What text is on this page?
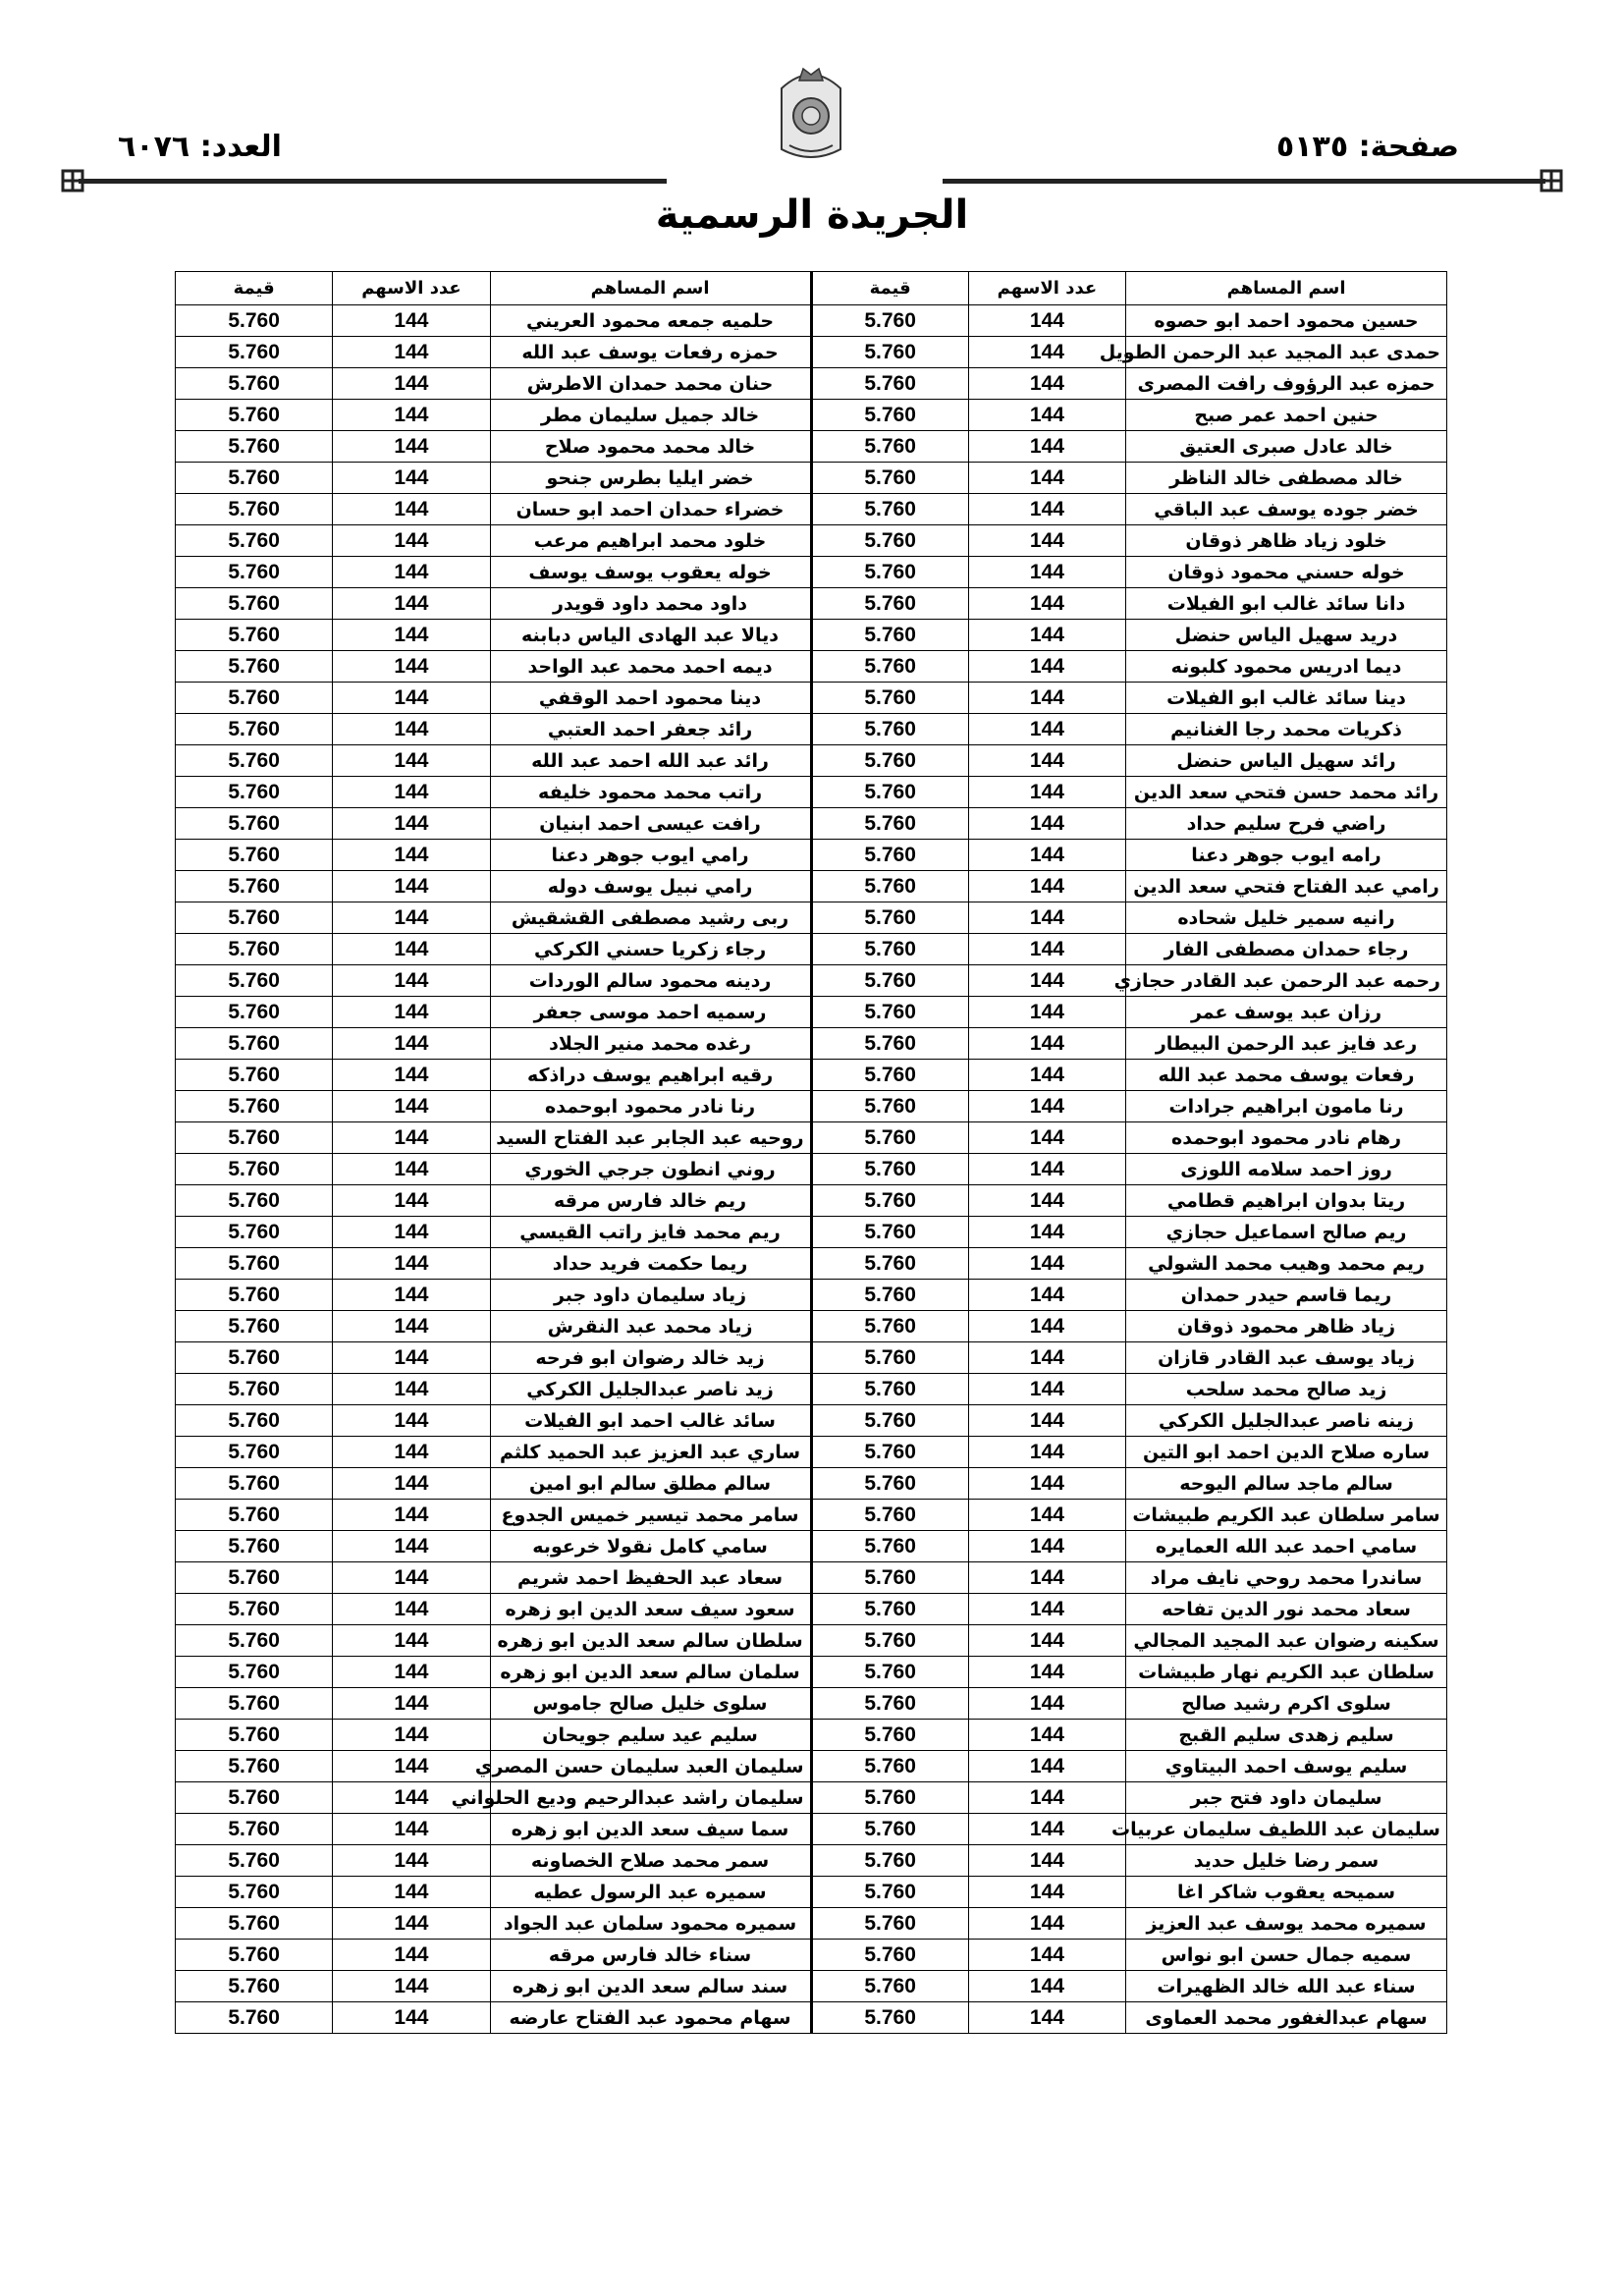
صفحة: ٥١٣٥
العدد: ٦٠٧٦
الجريدة الرسمية
اسم المساهم	عدد الاسهم	قيمة	اسم المساهم	عدد الاسهم	قيمة
حسين محمود احمد ابو حصوه	144	5.760	حلميه جمعه محمود العريني	144	5.760
حمدى عبد المجيد عبد الرحمن الطويل	144	5.760	حمزه رفعات يوسف عبد الله	144	5.760
حمزه عبد الرؤوف رافت المصرى	144	5.760	حنان محمد حمدان الاطرش	144	5.760
حنين احمد عمر صبح	144	5.760	خالد جميل سليمان مطر	144	5.760
خالد عادل صبرى العتيق	144	5.760	خالد محمد محمود صلاح	144	5.760
خالد مصطفى خالد الناظر	144	5.760	خضر ايليا بطرس جنحو	144	5.760
خضر جوده يوسف عبد الباقي	144	5.760	خضراء حمدان احمد ابو حسان	144	5.760
خلود زياد ظاهر ذوقان	144	5.760	خلود محمد ابراهيم مرعب	144	5.760
خوله حسني محمود ذوقان	144	5.760	خوله يعقوب يوسف يوسف	144	5.760
دانا سائد غالب ابو الفيلات	144	5.760	داود محمد داود قويدر	144	5.760
دريد سهيل الياس حنضل	144	5.760	ديالا عبد الهادى الياس دبابنه	144	5.760
ديما ادريس محمود كلبونه	144	5.760	ديمه احمد محمد عبد الواحد	144	5.760
دينا سائد غالب ابو الفيلات	144	5.760	دينا محمود احمد الوقفي	144	5.760
ذكريات محمد رجا الغنانيم	144	5.760	رائد جعفر احمد العتبي	144	5.760
رائد سهيل الياس حنضل	144	5.760	رائد عبد الله احمد عبد الله	144	5.760
رائد محمد حسن فتحي سعد الدين	144	5.760	راتب محمد محمود خليفه	144	5.760
راضي فرح سليم حداد	144	5.760	رافت عيسى احمد ابنيان	144	5.760
رامه ايوب جوهر دعنا	144	5.760	رامي ايوب جوهر دعنا	144	5.760
رامي عبد الفتاح فتحي سعد الدين	144	5.760	رامي نبيل يوسف دوله	144	5.760
رانيه سمير خليل شحاده	144	5.760	ربى رشيد مصطفى القشقيش	144	5.760
رجاء حمدان مصطفى الفار	144	5.760	رجاء زكريا حسني الكركي	144	5.760
رحمه عبد الرحمن عبد القادر حجازي	144	5.760	ردينه محمود سالم الوردات	144	5.760
رزان عبد يوسف عمر	144	5.760	رسميه احمد موسى جعفر	144	5.760
رعد فايز عبد الرحمن البيطار	144	5.760	رغده محمد منير الجلاد	144	5.760
رفعات يوسف محمد عبد الله	144	5.760	رقيه ابراهيم يوسف دراذكه	144	5.760
رنا مامون ابراهيم جرادات	144	5.760	رنا نادر محمود ابوحمده	144	5.760
رهام نادر محمود ابوحمده	144	5.760	روحيه عبد الجابر عبد الفتاح السيد	144	5.760
روز احمد سلامه اللوزى	144	5.760	روني انطون جرجي الخوري	144	5.760
ريتا بدوان ابراهيم قطامي	144	5.760	ريم خالد فارس مرقه	144	5.760
ريم صالح اسماعيل حجازي	144	5.760	ريم محمد فايز راتب القيسي	144	5.760
ريم محمد وهيب محمد الشولي	144	5.760	ريما حكمت فريد حداد	144	5.760
ريما قاسم حيدر حمدان	144	5.760	زياد سليمان داود جبر	144	5.760
زياد ظاهر محمود ذوقان	144	5.760	زياد محمد عبد النقرش	144	5.760
زياد يوسف عبد القادر قازان	144	5.760	زيد خالد رضوان ابو فرحه	144	5.760
زيد صالح محمد سلحب	144	5.760	زيد ناصر عبدالجليل الكركي	144	5.760
زينه ناصر عبدالجليل الكركي	144	5.760	سائد غالب احمد ابو الفيلات	144	5.760
ساره صلاح الدين احمد ابو التين	144	5.760	ساري عبد العزيز عبد الحميد كلثم	144	5.760
سالم ماجد سالم اليوحه	144	5.760	سالم مطلق سالم ابو امين	144	5.760
سامر سلطان عبد الكريم طبيشات	144	5.760	سامر محمد تيسير خميس الجدوع	144	5.760
سامي احمد عبد الله العمايره	144	5.760	سامي كامل نقولا خرعوبه	144	5.760
ساندرا محمد روحي نايف مراد	144	5.760	سعاد عبد الحفيظ احمد شريم	144	5.760
سعاد محمد نور الدين تفاحه	144	5.760	سعود سيف سعد الدين ابو زهره	144	5.760
سكينه رضوان عبد المجيد المجالي	144	5.760	سلطان سالم سعد الدين ابو زهره	144	5.760
سلطان عبد الكريم نهار طبيشات	144	5.760	سلمان سالم سعد الدين ابو زهره	144	5.760
سلوى اكرم رشيد صالح	144	5.760	سلوى خليل صالح جاموس	144	5.760
سليم زهدى سليم القبج	144	5.760	سليم عيد سليم جويحان	144	5.760
سليم يوسف احمد البيتاوي	144	5.760	سليمان العبد سليمان حسن المصري	144	5.760
سليمان داود فتح جبر	144	5.760	سليمان راشد عبدالرحيم وديع الحلواني	144	5.760
سليمان عبد اللطيف سليمان عربيات	144	5.760	سما سيف سعد الدين ابو زهره	144	5.760
سمر رضا خليل حديد	144	5.760	سمر محمد صلاح الخصاونه	144	5.760
سميحه يعقوب شاكر اغا	144	5.760	سميره عبد الرسول عطيه	144	5.760
سميره محمد يوسف عبد العزيز	144	5.760	سميره محمود سلمان عبد الجواد	144	5.760
سميه جمال حسن ابو نواس	144	5.760	سناء خالد فارس مرقه	144	5.760
سناء عبد الله خالد الظهيرات	144	5.760	سند سالم سعد الدين ابو زهره	144	5.760
سهام عبدالغفور محمد العماوى	144	5.760	سهام محمود عبد الفتاح عارضه	144	5.760
